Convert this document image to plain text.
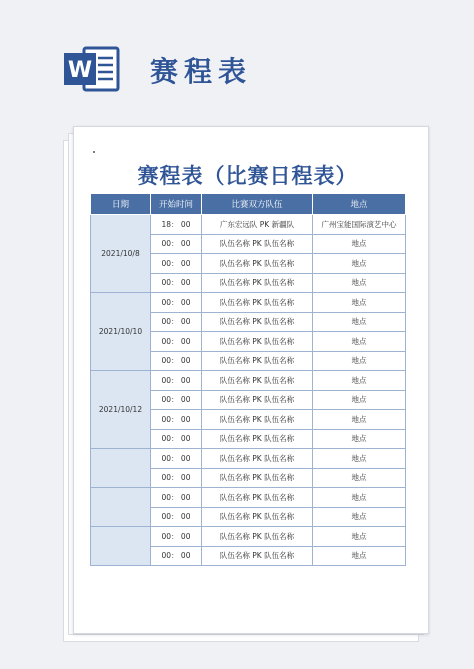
W 赛程表
赛程表（比赛日程表）
日期	开始时间	比赛双方队伍	地点
2021/10/8	18： 00	广东宏远队 PK 新疆队	广州宝能国际演艺中心
	00： 00	队伍名称 PK 队伍名称	地点
	00： 00	队伍名称 PK 队伍名称	地点
	00： 00	队伍名称 PK 队伍名称	地点
2021/10/10	00： 00	队伍名称 PK 队伍名称	地点
	00： 00	队伍名称 PK 队伍名称	地点
	00： 00	队伍名称 PK 队伍名称	地点
	00： 00	队伍名称 PK 队伍名称	地点
2021/10/12	00： 00	队伍名称 PK 队伍名称	地点
	00： 00	队伍名称 PK 队伍名称	地点
	00： 00	队伍名称 PK 队伍名称	地点
	00： 00	队伍名称 PK 队伍名称	地点
	00： 00	队伍名称 PK 队伍名称	地点
	00： 00	队伍名称 PK 队伍名称	地点
	00： 00	队伍名称 PK 队伍名称	地点
	00： 00	队伍名称 PK 队伍名称	地点
	00： 00	队伍名称 PK 队伍名称	地点
	00： 00	队伍名称 PK 队伍名称	地点
